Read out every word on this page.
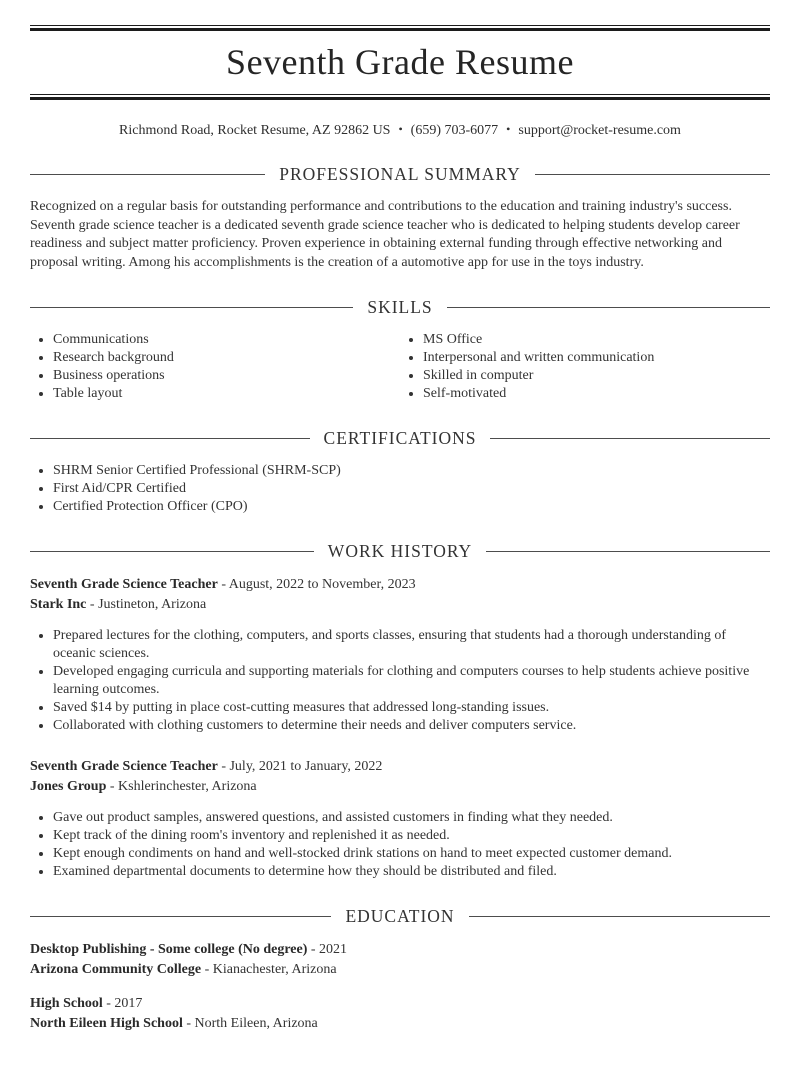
Seventh Grade Resume

Richmond Road, Rocket Resume, AZ 92862 US • (659) 703-6077 • support@rocket-resume.com

PROFESSIONAL SUMMARY

Recognized on a regular basis for outstanding performance and contributions to the education and training industry's success. Seventh grade science teacher is a dedicated seventh grade science teacher who is dedicated to helping students develop career readiness and subject matter proficiency. Proven experience in obtaining external funding through effective networking and proposal writing. Among his accomplishments is the creation of a automotive app for use in the toys industry.

SKILLS
• Communications
• Research background
• Business operations
• Table layout
• MS Office
• Interpersonal and written communication
• Skilled in computer
• Self-motivated
CERTIFICATIONS
• SHRM Senior Certified Professional (SHRM-SCP)
• First Aid/CPR Certified
• Certified Protection Officer (CPO)
WORK HISTORY

Seventh Grade Science Teacher - August, 2022 to November, 2023

Stark Inc - Justineton, Arizona

• Prepared lectures for the clothing, computers, and sports classes, ensuring that students had a thorough understanding of oceanic sciences.
• Developed engaging curricula and supporting materials for clothing and computers courses to help students achieve positive learning outcomes.
• Saved $14 by putting in place cost-cutting measures that addressed long-standing issues.
• Collaborated with clothing customers to determine their needs and deliver computers service.

Seventh Grade Science Teacher - July, 2021 to January, 2022

Jones Group - Kshlerinchester, Arizona

• Gave out product samples, answered questions, and assisted customers in finding what they needed.
• Kept track of the dining room's inventory and replenished it as needed.
• Kept enough condiments on hand and well-stocked drink stations on hand to meet expected customer demand.
• Examined departmental documents to determine how they should be distributed and filed.
EDUCATION

Desktop Publishing - Some college (No degree) - 2021

Arizona Community College - Kianachester, Arizona

High School - 2017

North Eileen High School - North Eileen, Arizona
